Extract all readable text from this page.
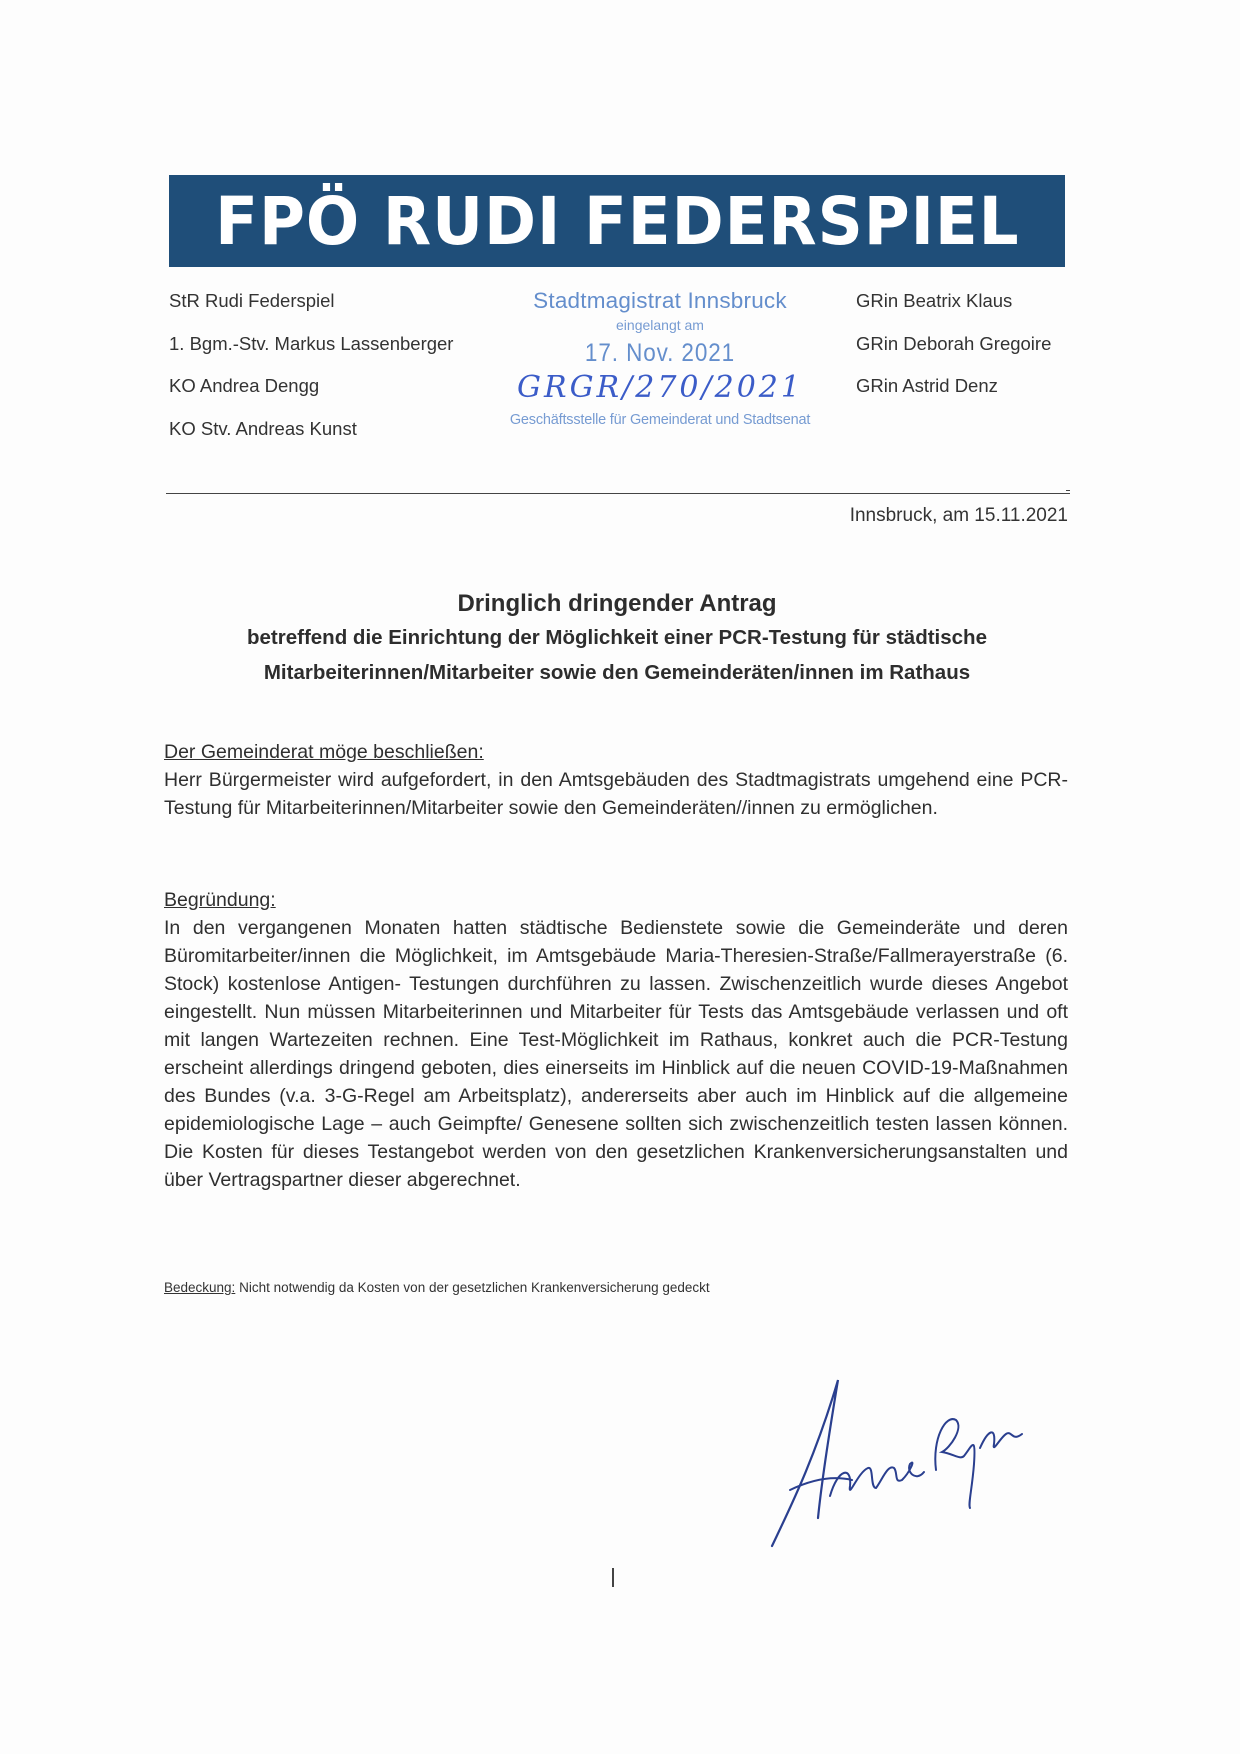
FPÖ RUDI FEDERSPIEL
StR Rudi Federspiel
1. Bgm.-Stv. Markus Lassenberger
KO Andrea Dengg
KO Stv. Andreas Kunst
GRin Beatrix Klaus
GRin Deborah Gregoire
GRin Astrid Denz
Stadtmagistrat Innsbruck
eingelangt am
17. Nov. 2021
GRGR/270/2021
Geschäftsstelle für Gemeinderat und Stadtsenat
Innsbruck, am 15.11.2021
Dringlich dringender Antrag
betreffend die Einrichtung der Möglichkeit einer PCR-Testung für städtische
Mitarbeiterinnen/Mitarbeiter sowie den Gemeinderäten/innen im Rathaus
Der Gemeinderat möge beschließen:

Herr Bürgermeister wird aufgefordert, in den Amtsgebäuden des Stadtmagistrats umgehend eine PCR-Testung für Mitarbeiterinnen/Mitarbeiter sowie den Gemeinderäten//innen zu ermöglichen.

Begründung:

In den vergangenen Monaten hatten städtische Bedienstete sowie die Gemeinderäte und deren Büromitarbeiter/innen die Möglichkeit, im Amtsgebäude Maria-Theresien-Straße/Fallmerayerstraße (6. Stock) kostenlose Antigen- Testungen durchführen zu lassen. Zwischenzeitlich wurde dieses Angebot eingestellt. Nun müssen Mitarbeiterinnen und Mitarbeiter für Tests das Amtsgebäude verlassen und oft mit langen Wartezeiten rechnen. Eine Test-Möglichkeit im Rathaus, konkret auch die PCR-Testung erscheint allerdings dringend geboten, dies einerseits im Hinblick auf die neuen COVID-19-Maßnahmen des Bundes (v.a. 3-G-Regel am Arbeitsplatz), andererseits aber auch im Hinblick auf die allgemeine epidemiologische Lage – auch Geimpfte/ Genesene sollten sich zwischenzeitlich testen lassen können. Die Kosten für dieses Testangebot werden von den gesetzlichen Krankenversicherungsanstalten und über Vertragspartner dieser abgerechnet.

Bedeckung: Nicht notwendig da Kosten von der gesetzlichen Krankenversicherung gedeckt
